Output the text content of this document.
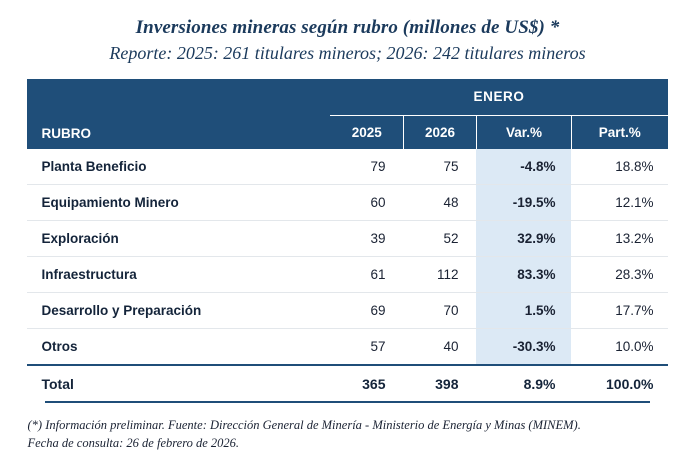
Inversiones mineras según rubro (millones de US$) *
Reporte: 2025: 261 titulares mineros; 2026: 242 titulares mineros
RUBRO	ENERO			
	2025	2026	Var.%	Part.%
Planta Beneficio	79	75	-4.8%	18.8%
Equipamiento Minero	60	48	-19.5%	12.1%
Exploración	39	52	32.9%	13.2%
Infraestructura	61	112	83.3%	28.3%
Desarrollo y Preparación	69	70	1.5%	17.7%
Otros	57	40	-30.3%	10.0%
Total	365	398	8.9%	100.0%
(*) Información preliminar. Fuente: Dirección General de Minería - Ministerio de Energía y Minas (MINEM).
Fecha de consulta: 26 de febrero de 2026.
